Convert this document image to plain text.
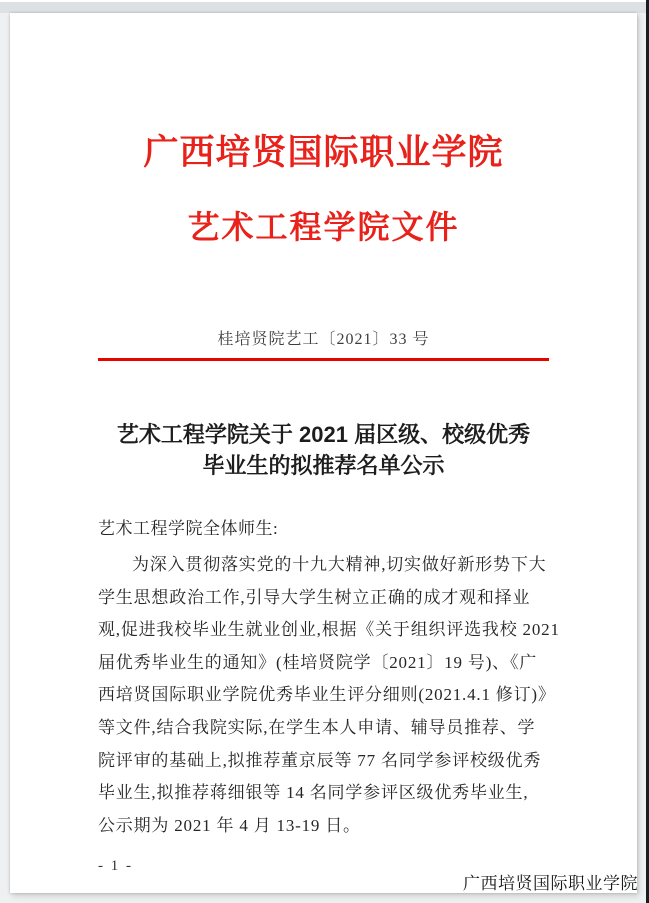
广西培贤国际职业学院
艺术工程学院文件
桂培贤院艺工〔2021〕33 号
艺术工程学院关于 2021 届区级、校级优秀
毕业生的拟推荐名单公示
艺术工程学院全体师生:
为深入贯彻落实党的十九大精神,切实做好新形势下大
学生思想政治工作,引导大学生树立正确的成才观和择业
观,促进我校毕业生就业创业,根据《关于组织评选我校 2021
届优秀毕业生的通知》(桂培贤院学〔2021〕19 号)、《广
西培贤国际职业学院优秀毕业生评分细则(2021.4.1 修订)》
等文件,结合我院实际,在学生本人申请、辅导员推荐、学
院评审的基础上,拟推荐董京辰等 77 名同学参评校级优秀
毕业生,拟推荐蒋细银等 14 名同学参评区级优秀毕业生,
公示期为 2021 年 4 月 13-19 日。
- 1 -
广西培贤国际职业学院
